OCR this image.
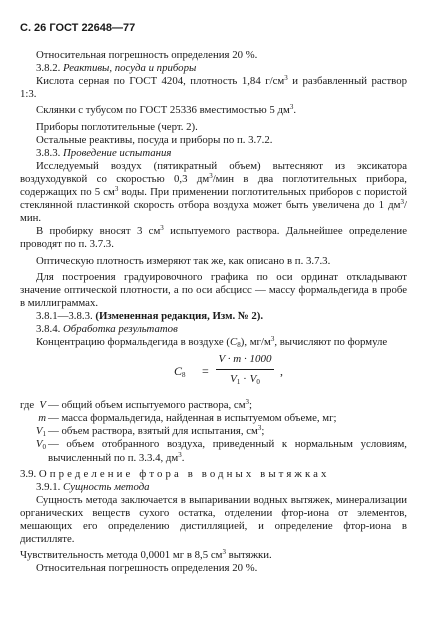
С. 26 ГОСТ 22648—77

Относительная погрешность определения 20 %.

3.8.2. Реактивы, посуда и приборы

Кислота серная по ГОСТ 4204, плотность 1,84 $г/см^3$ и разбавленный раствор 1:3.

Склянки с тубусом по ГОСТ 25336 вместимостью 5 $дм^3$.

Приборы поглотительные (черт. 2).

Остальные реактивы, посуда и приборы по п. 3.7.2.

3.8.3. Проведение испытания

Исследуемый воздух (пятикратный объем) вытесняют из эксикатора воздуходувкой со скоростью 0,3 $дм^3$/мин в два поглотительных прибора, содержащих по 5 $см^3$ воды. При применении поглотительных приборов с пористой стеклянной пластинкой скорость отбора воздуха может быть увеличена до 1 $дм^3$/мин.

В пробирку вносят 3 $см^3$ испытуемого раствора. Дальнейшее определение проводят по п. 3.7.3.

Оптическую плотность измеряют так же, как описано в п. 3.7.3.

Для построения градуировочного графика по оси ординат откладывают значение оптической плотности, а по оси абсцисс — массу формальдегида в пробе в миллиграммах.

3.8.1—3.8.3. (Измененная редакция, Изм. № 2).

3.8.4. Обработка результатов

Концентрацию формальдегида в воздухе $(C_8)$, $мг/м^3$, вычисляют по формуле

$C_8$ =
V · m · 1000
$V_1 \cdot V_0$
,
где V — общий объем испытуемого раствора, $см^3$;
m — масса формальдегида, найденная в испытуемом объеме, мг;
$V_1$ — объем раствора, взятый для испытания, $см^3$;
$V_0$ — объем отобранного воздуха, приведенный к нормальным условиям, вычисленный по п. 3.3.4, $дм^3$.

3.9. Определение фтора в водных вытяжках

3.9.1. Сущность метода

Сущность метода заключается в выпаривании водных вытяжек, минерализации органических веществ сухого остатка, отделении фтор-иона от элементов, мешающих его определению дистилляцией, и определение фтор-иона в дистилляте.

Чувствительность метода 0,0001 мг в 8,5 $см^3$ вытяжки.

Относительная погрешность определения 20 %.
